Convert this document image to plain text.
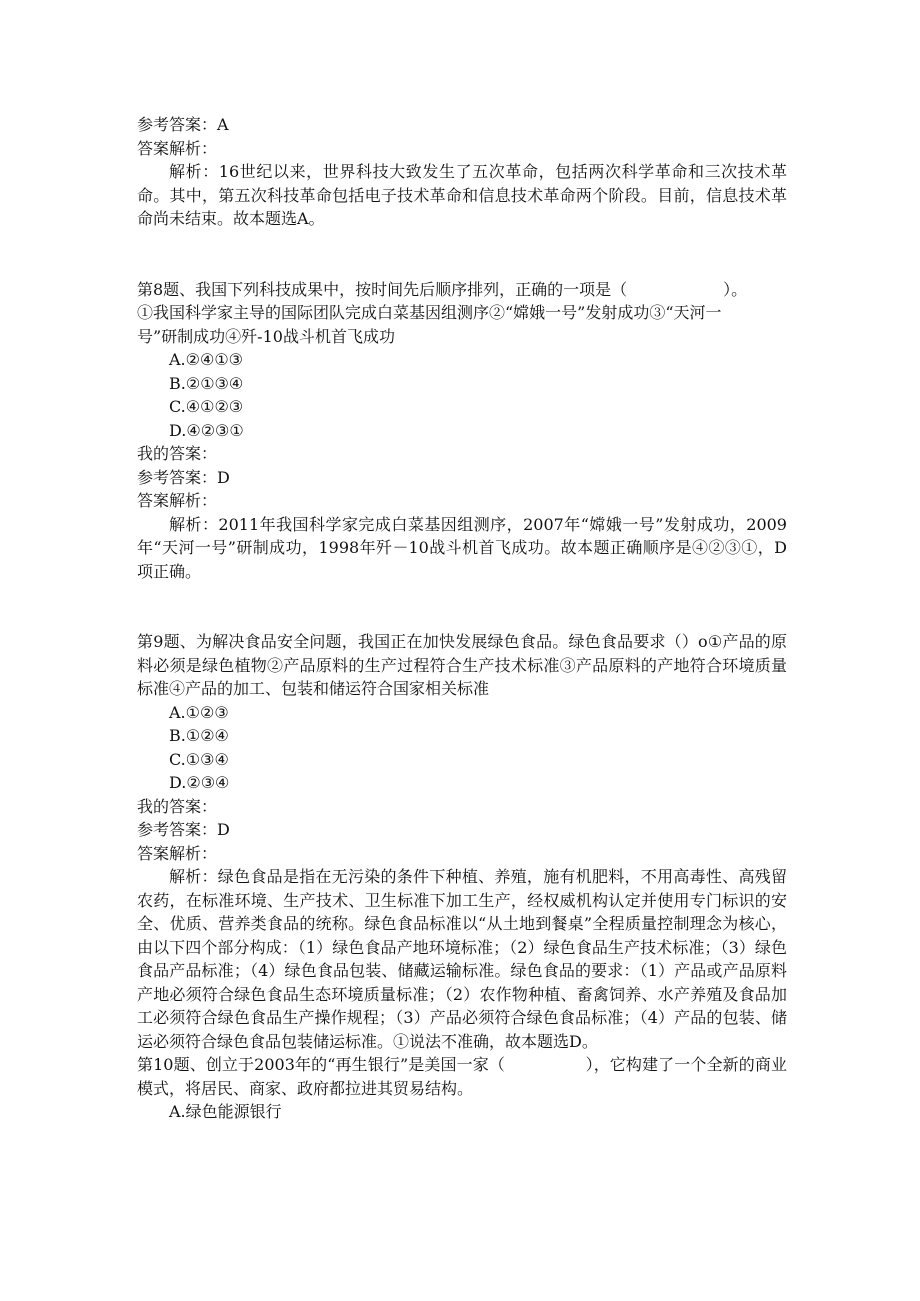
参考答案：A
答案解析：
解析：16世纪以来，世界科技大致发生了五次革命，包括两次科学革命和三次技术革命。其中，第五次科技革命包括电子技术革命和信息技术革命两个阶段。目前，信息技术革命尚未结束。故本题选A。
第8题、我国下列科技成果中，按时间先后顺序排列，正确的一项是（　　　　　　）。
①我国科学家主导的国际团队完成白菜基因组测序②“嫦娥一号”发射成功③“天河一
号”研制成功④歼-10战斗机首飞成功
A.②④①③
B.②①③④
C.④①②③
D.④②③①
我的答案：
参考答案：D
答案解析：
解析：2011年我国科学家完成白菜基因组测序，2007年“嫦娥一号”发射成功，2009年“天河一号”研制成功，1998年歼－10战斗机首飞成功。故本题正确顺序是④②③①，D项正确。
第9题、为解决食品安全问题，我国正在加快发展绿色食品。绿色食品要求（）o①产品的原料必须是绿色植物②产品原料的生产过程符合生产技术标准③产品原料的产地符合环境质量标准④产品的加工、包装和储运符合国家相关标准
A.①②③
B.①②④
C.①③④
D.②③④
我的答案：
参考答案：D
答案解析：
解析：绿色食品是指在无污染的条件下种植、养殖，施有机肥料，不用高毒性、高残留农药，在标准环境、生产技术、卫生标准下加工生产，经权威机构认定并使用专门标识的安全、优质、营养类食品的统称。绿色食品标准以“从土地到餐桌”全程质量控制理念为核心，由以下四个部分构成：（1）绿色食品产地环境标准；（2）绿色食品生产技术标准；（3）绿色食品产品标准；（4）绿色食品包装、储藏运输标准。绿色食品的要求：（1）产品或产品原料产地必须符合绿色食品生态环境质量标准；（2）农作物种植、畜禽饲养、水产养殖及食品加工必须符合绿色食品生产操作规程；（3）产品必须符合绿色食品标准；（4）产品的包装、储运必须符合绿色食品包装储运标准。①说法不准确，故本题选D。
第10题、创立于2003年的“再生银行”是美国一家（　　　　　），它构建了一个全新的商业模式，将居民、商家、政府都拉进其贸易结构。
A.绿色能源银行
